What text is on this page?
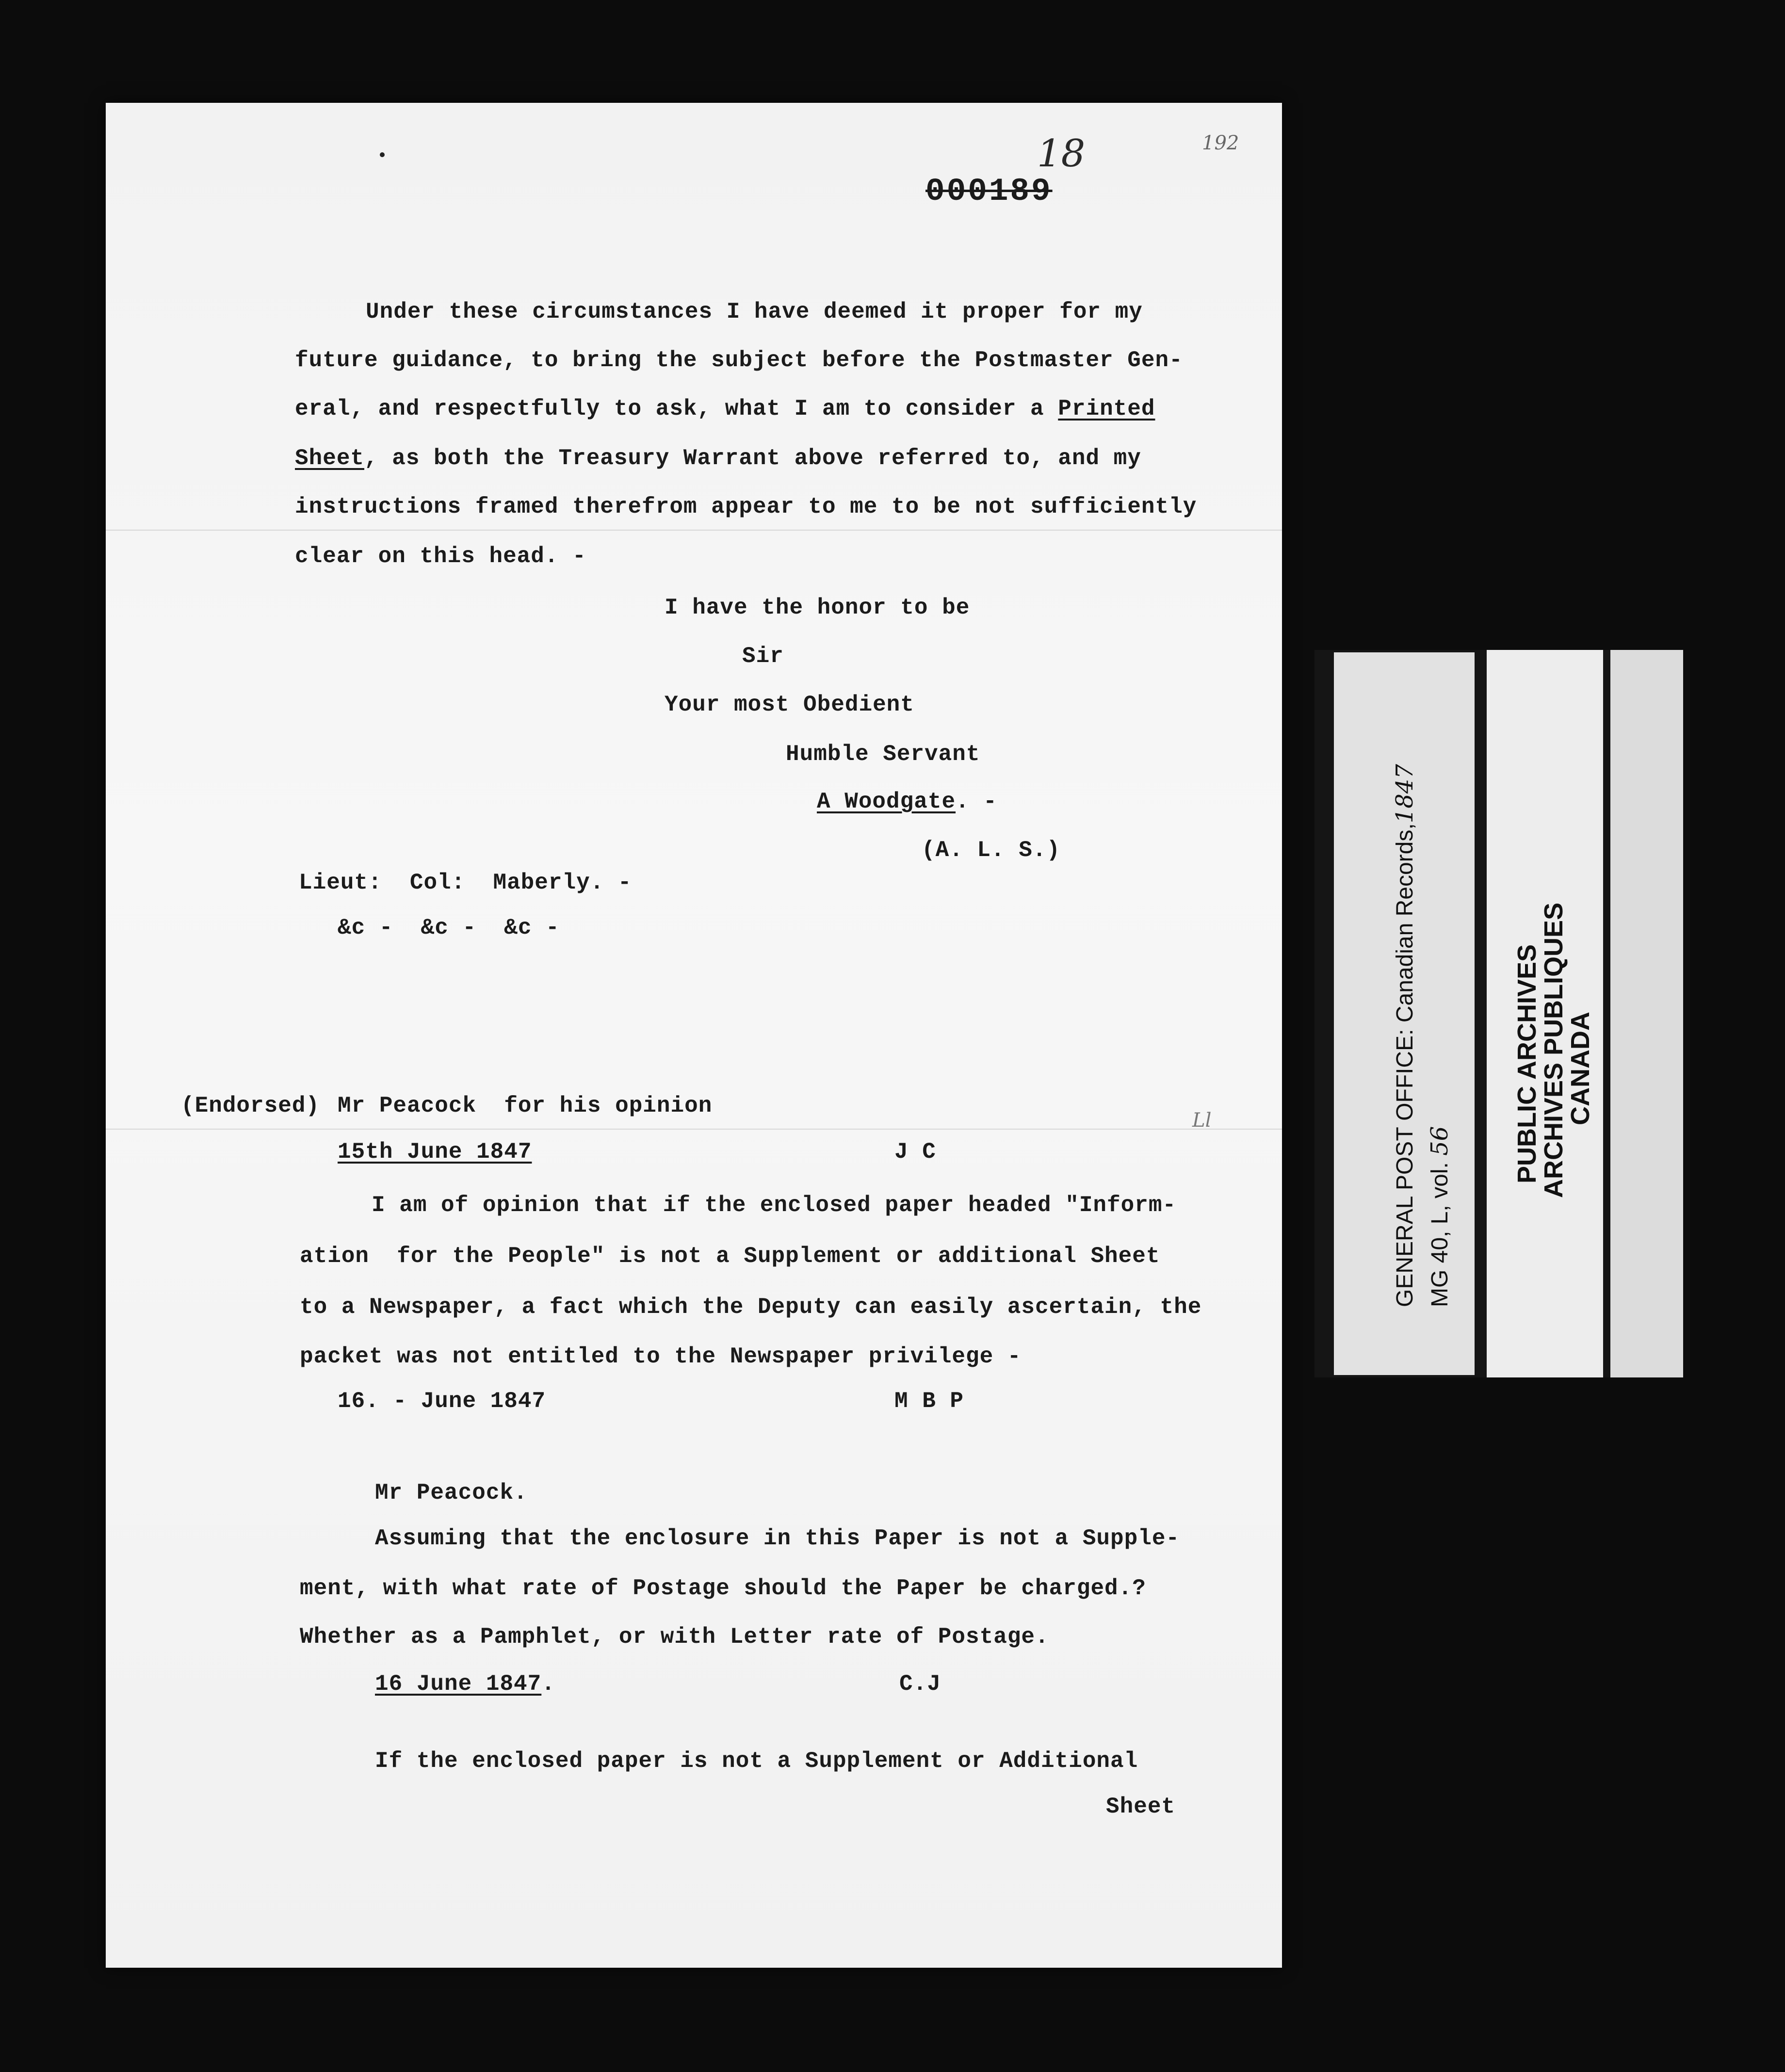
18
000189
192
Under these circumstances I have deemed it proper for my
future guidance, to bring the subject before the Postmaster Gen-
eral, and respectfully to ask, what I am to consider a Printed
Sheet, as both the Treasury Warrant above referred to, and my
instructions framed therefrom appear to me to be not sufficiently
clear on this head. -
I have the honor to be
Sir
Your most Obedient
Humble Servant
A Woodgate. -
(A. L. S.)
Lieut:  Col:  Maberly. -
&c -  &c -  &c -
(Endorsed) Mr Peacock  for his opinion
15th June 1847	J C
Ll
I am of opinion that if the enclosed paper headed "Inform-
ation  for the People" is not a Supplement or additional Sheet
to a Newspaper, a fact which the Deputy can easily ascertain, the
packet was not entitled to the Newspaper privilege -
16. - June 1847	M B P
Mr Peacock.
Assuming that the enclosure in this Paper is not a Supple-
ment, with what rate of Postage should the Paper be charged.?
Whether as a Pamphlet, or with Letter rate of Postage.
16 June 1847.	C.J
If the enclosed paper is not a Supplement or Additional
Sheet
GENERAL POST OFFICE: Canadian Records,1847
MG 40, L, vol. 56 PUBLIC ARCHIVES
ARCHIVES PUBLIQUES
CANADA
